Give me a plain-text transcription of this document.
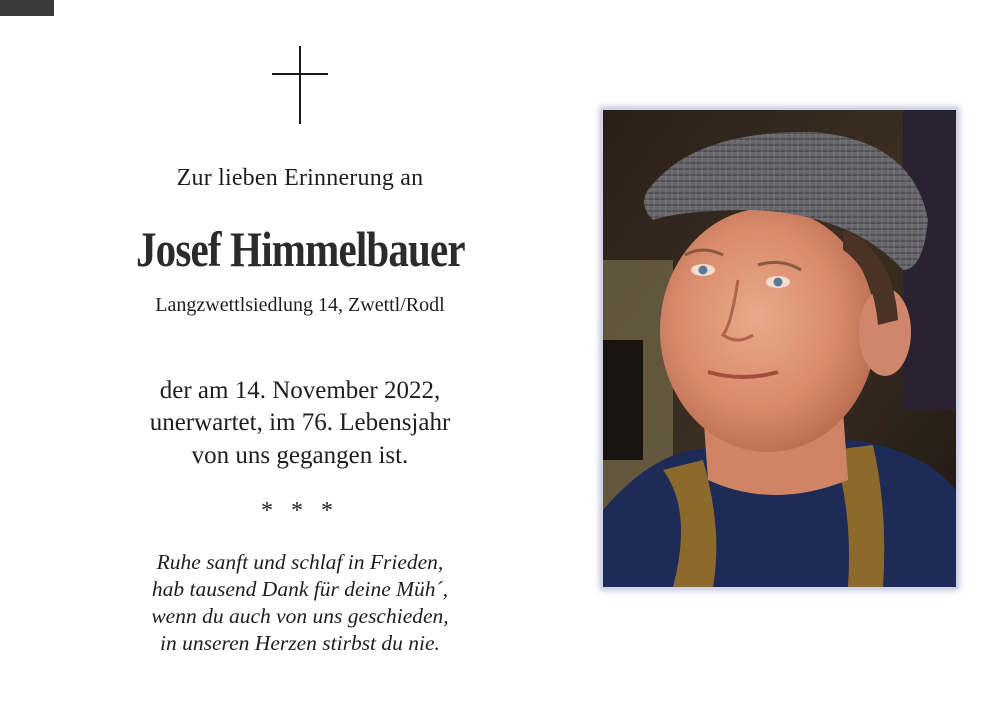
Zur lieben Erinnerung an
Josef Himmelbauer
Langzwettlsiedlung 14, Zwettl/Rodl
der am 14. November 2022,
unerwartet, im 76. Lebensjahr
von uns gegangen ist.
* * *
Ruhe sanft und schlaf in Frieden,
hab tausend Dank für deine Müh´,
wenn du auch von uns geschieden,
in unseren Herzen stirbst du nie.
